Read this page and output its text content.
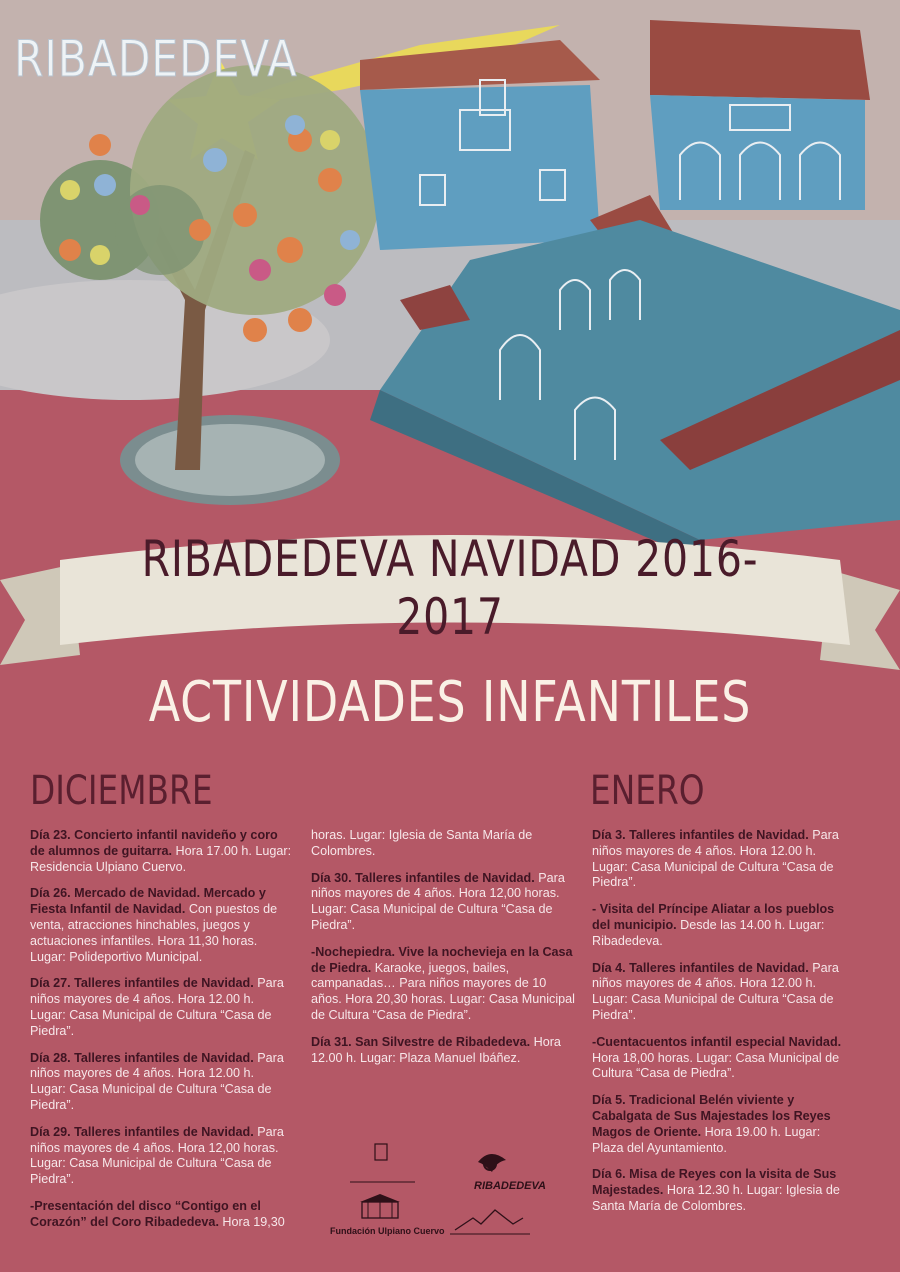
RIBADEDEVA
RIBADEDEVA NAVIDAD 2016-2017
ACTIVIDADES INFANTILES
DICIEMBRE	ENERO

Día 23. Concierto infantil navideño y coro de alumnos de guitarra. Hora 17.00 h. Lugar: Residencia Ulpiano Cuervo.

Día 26. Mercado de Navidad. Mercado y Fiesta Infantil de Navidad. Con puestos de venta, atracciones hinchables, juegos y actuaciones infantiles. Hora 11,30 horas. Lugar: Polideportivo Municipal.

Día 27. Talleres infantiles de Navidad. Para niños mayores de 4 años. Hora 12.00 h. Lugar: Casa Municipal de Cultura “Casa de Piedra”.

Día 28. Talleres infantiles de Navidad. Para niños mayores de 4 años. Hora 12.00 h. Lugar: Casa Municipal de Cultura “Casa de Piedra”.

Día 29. Talleres infantiles de Navidad. Para niños mayores de 4 años. Hora 12,00 horas. Lugar: Casa Municipal de Cultura “Casa de Piedra”.

-Presentación del disco “Contigo en el Corazón” del Coro Ribadedeva. Hora 19,30

horas. Lugar: Iglesia de Santa María de Colombres.

Día 30. Talleres infantiles de Navidad. Para niños mayores de 4 años. Hora 12,00 horas. Lugar: Casa Municipal de Cultura “Casa de Piedra”.

-Nochepiedra. Vive la nochevieja en la Casa de Piedra. Karaoke, juegos, bailes, campanadas… Para niños mayores de 10 años. Hora 20,30 horas. Lugar: Casa Municipal de Cultura “Casa de Piedra”.

Día 31. San Silvestre de Ribadedeva. Hora 12.00 h. Lugar: Plaza Manuel Ibáñez.

Día 3. Talleres infantiles de Navidad. Para niños mayores de 4 años. Hora 12.00 h. Lugar: Casa Municipal de Cultura “Casa de Piedra”.

- Visita del Príncipe Aliatar a los pueblos del municipio. Desde las 14.00 h. Lugar: Ribadedeva.

Día 4. Talleres infantiles de Navidad. Para niños mayores de 4 años. Hora 12.00 h. Lugar: Casa Municipal de Cultura “Casa de Piedra”.

-Cuentacuentos infantil especial Navidad. Hora 18,00 horas. Lugar: Casa Municipal de Cultura “Casa de Piedra”.

Día 5. Tradicional Belén viviente y Cabalgata de Sus Majestades los Reyes Magos de Oriente. Hora 19.00 h. Lugar: Plaza del Ayuntamiento.

Día 6. Misa de Reyes con la visita de Sus Majestades. Hora 12.30 h. Lugar: Iglesia de Santa María de Colombres.

Fundación Ulpiano Cuervo
RIBADEDEVA
